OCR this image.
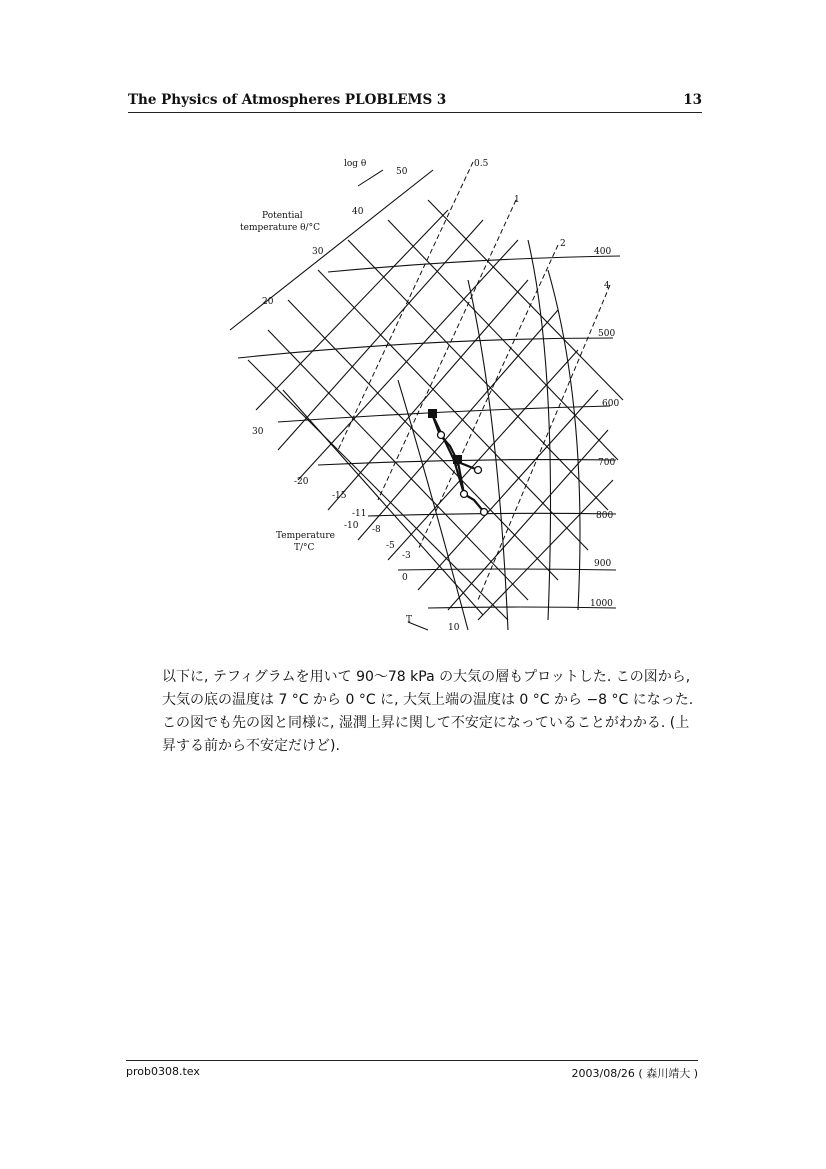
The Physics of Atmospheres PLOBLEMS 3	13
log θ
Potential
temperature θ/°C
Temperature
T/°C
T
50
40
30
20
30
-20
-15
-11
-10 -8
-5
-3
0
10
0.5
1
2
4
400
500
600
700
800
900
1000

以下に, テフィグラムを用いて 90〜78 kPa の大気の層もプロットした. この図から,

大気の底の温度は 7 °C から 0 °C に, 大気上端の温度は 0 °C から −8 °C になった.

この図でも先の図と同様に, 湿潤上昇に関して不安定になっていることがわかる. (上

昇する前から不安定だけど).

prob0308.tex	2003/08/26 ( 森川靖大 )
